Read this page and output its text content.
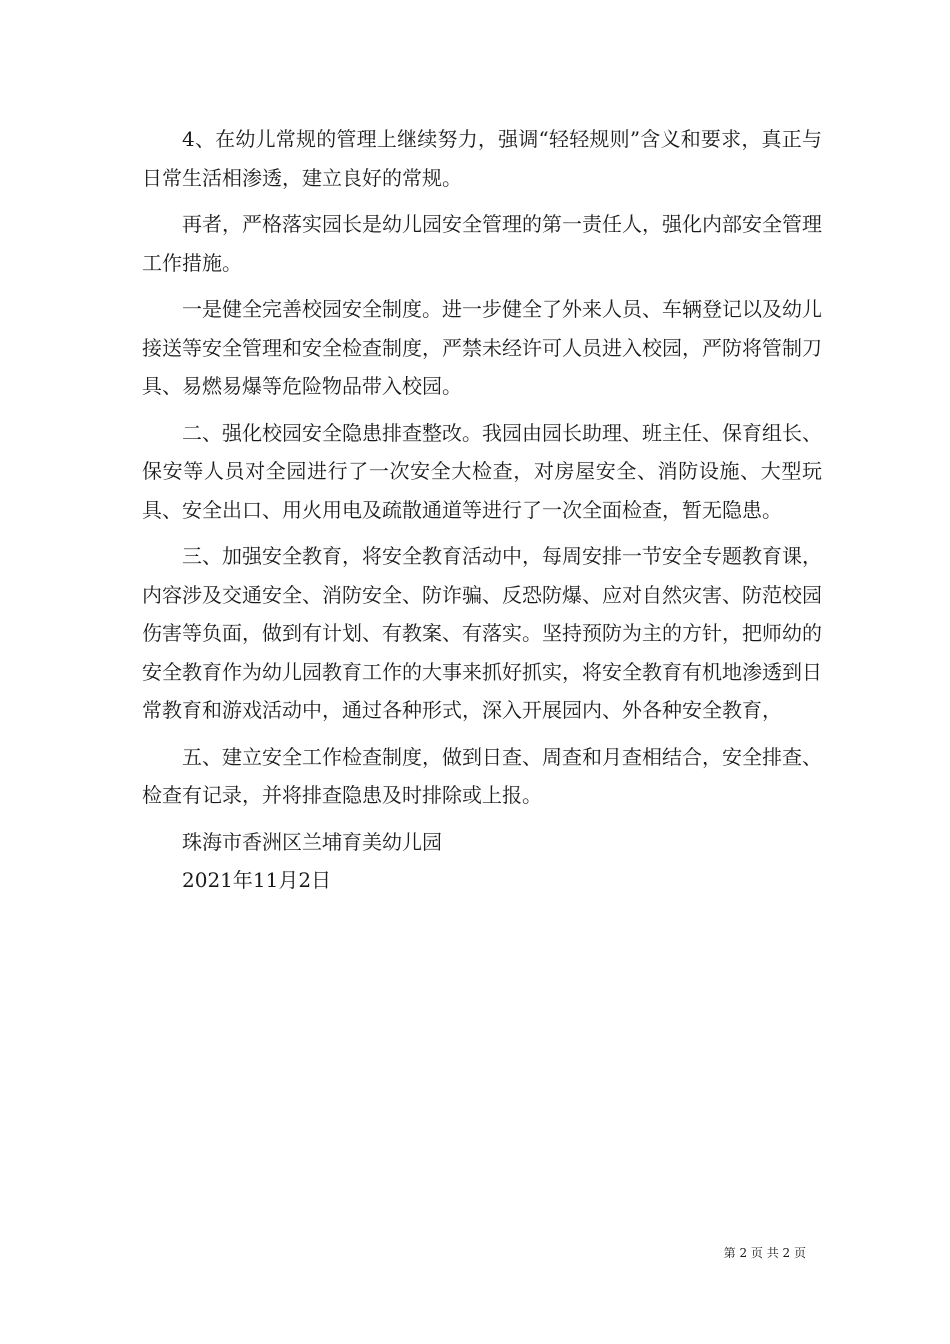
4、在幼儿常规的管理上继续努力，强调“轻轻规则”含义和要求，真正与日常生活相渗透，建立良好的常规。

再者，严格落实园长是幼儿园安全管理的第一责任人，强化内部安全管理工作措施。

一是健全完善校园安全制度。进一步健全了外来人员、车辆登记以及幼儿接送等安全管理和安全检查制度，严禁未经许可人员进入校园，严防将管制刀具、易燃易爆等危险物品带入校园。

二、强化校园安全隐患排查整改。我园由园长助理、班主任、保育组长、保安等人员对全园进行了一次安全大检查，对房屋安全、消防设施、大型玩具、安全出口、用火用电及疏散通道等进行了一次全面检查，暂无隐患。

三、加强安全教育，将安全教育活动中，每周安排一节安全专题教育课，内容涉及交通安全、消防安全、防诈骗、反恐防爆、应对自然灾害、防范校园伤害等负面，做到有计划、有教案、有落实。坚持预防为主的方针，把师幼的安全教育作为幼儿园教育工作的大事来抓好抓实，将安全教育有机地渗透到日常教育和游戏活动中，通过各种形式，深入开展园内、外各种安全教育，

五、建立安全工作检查制度，做到日查、周查和月查相结合，安全排查、检查有记录，并将排查隐患及时排除或上报。

珠海市香洲区兰埔育美幼儿园

2021年11月2日

第 2 页 共 2 页
